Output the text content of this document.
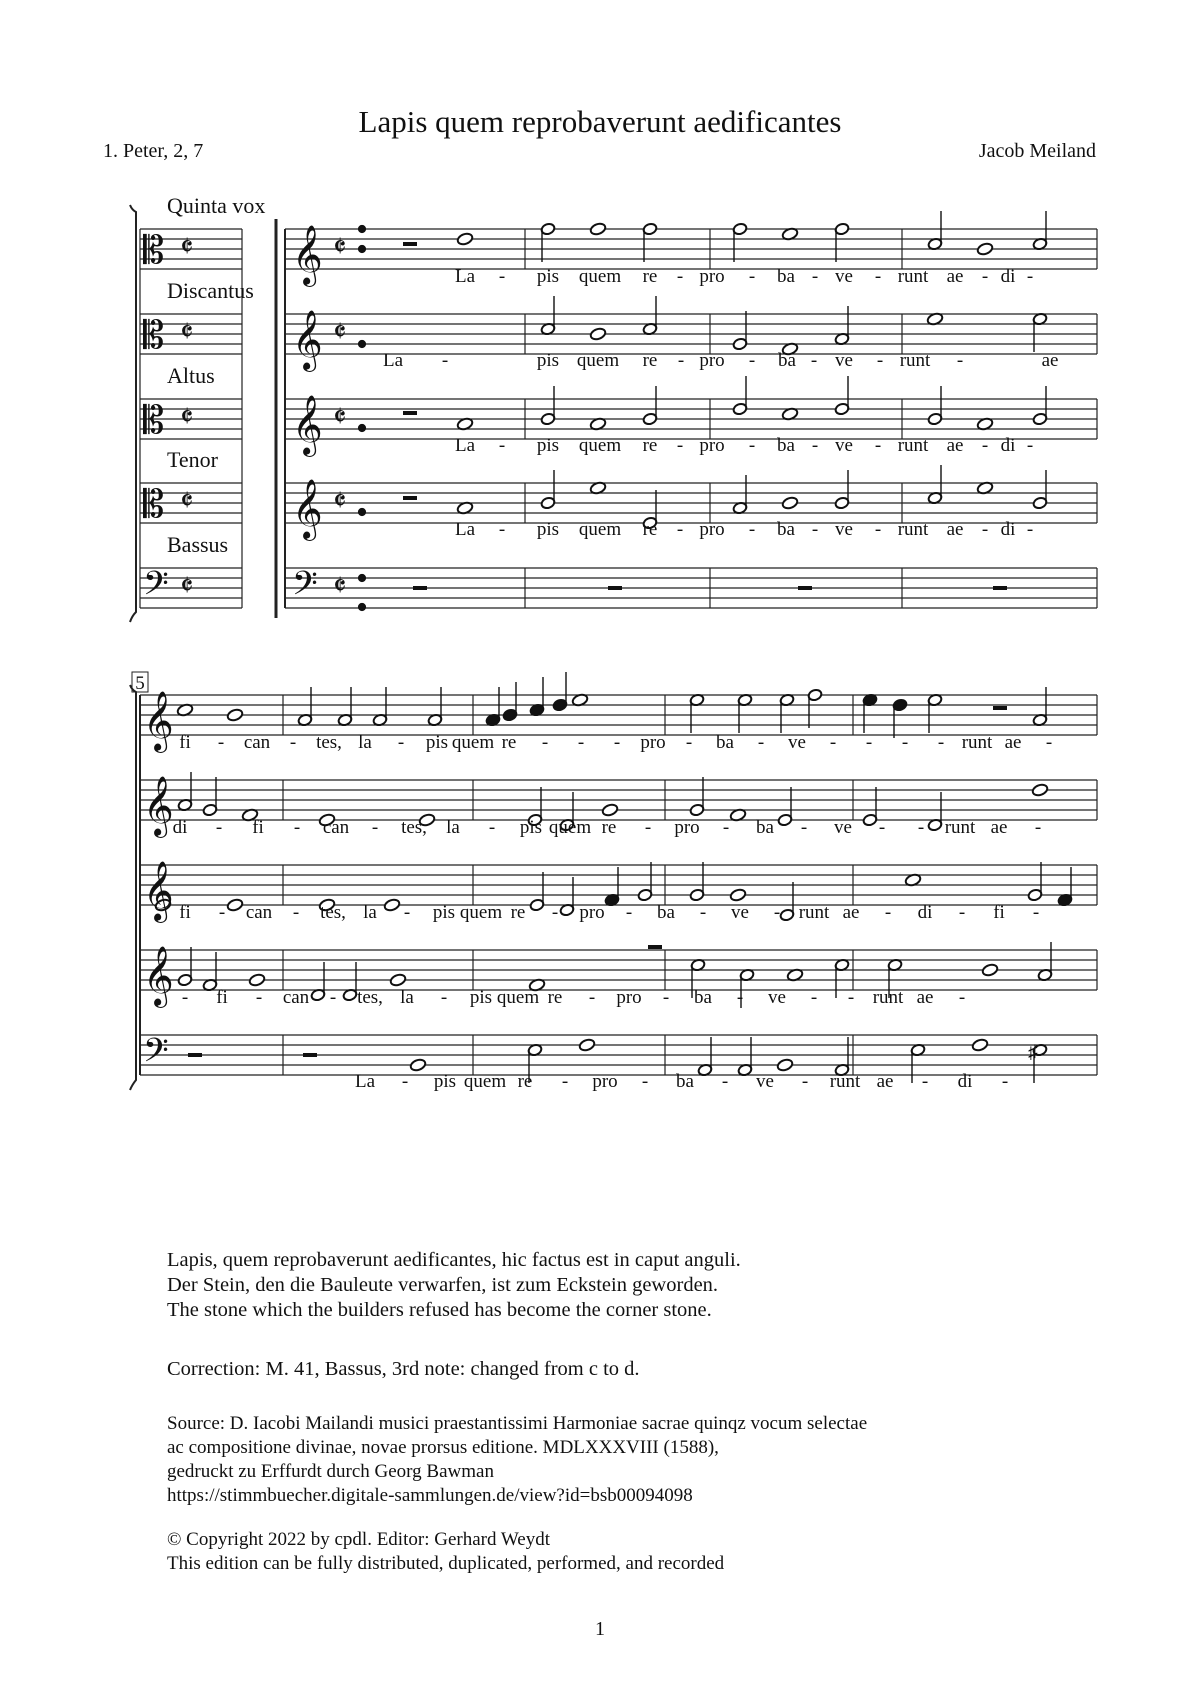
Lapis quem reprobaverunt aedificantes
1. Peter, 2, 7	Jacob Meiland
𝄞
𝄡	𝄵
𝄵
𝄞
𝄡	𝄵
𝄵
𝄞
𝄡	𝄵
𝄵
𝄞
𝄡	𝄵
𝄵
𝄢
𝄢	𝄵
𝄵
Quinta vox
Discantus
Altus
Tenor
Bassus
La - pis quem re - pro - ba - ve - runt ae - di -
La -	pis quem re - pro - ba - ve - runt	ae
-
La - pis quem re - pro - ba - ve - runt ae - di -
La - pis quem re - pro - ba - ve - runt ae - di -
𝄞
𝄞
𝄞
𝄞
𝄢
5
♯
fi - can - tes, la - pis quem re - - - pro - ba - ve - - - - runt ae -
di - fi - can - tes, la - pis quem re - pro - ba - ve - - runt ae -
fi - can - tes, la - pis quem re - pro - ba - ve - runt ae - di - fi -
- fi - can - tes, la - pis quem re - pro - ba - ve - - runt ae -
La - pis quem re - pro - ba - ve - runt ae - di -
Lapis, quem reprobaverunt aedificantes, hic factus est in caput anguli.
Der Stein, den die Bauleute verwarfen, ist zum Eckstein geworden.
The stone which the builders refused has become the corner stone.
Correction: M. 41, Bassus, 3rd note: changed from c to d.
Source: D. Iacobi Mailandi musici praestantissimi Harmoniae sacrae quinqz vocum selectae
ac compositione divinae, novae prorsus editione. MDLXXXVIII (1588),
gedruckt zu Erffurdt durch Georg Bawman
https://stimmbuecher.digitale-sammlungen.de/view?id=bsb00094098
© Copyright 2022 by cpdl. Editor: Gerhard Weydt
This edition can be fully distributed, duplicated, performed, and recorded
1
